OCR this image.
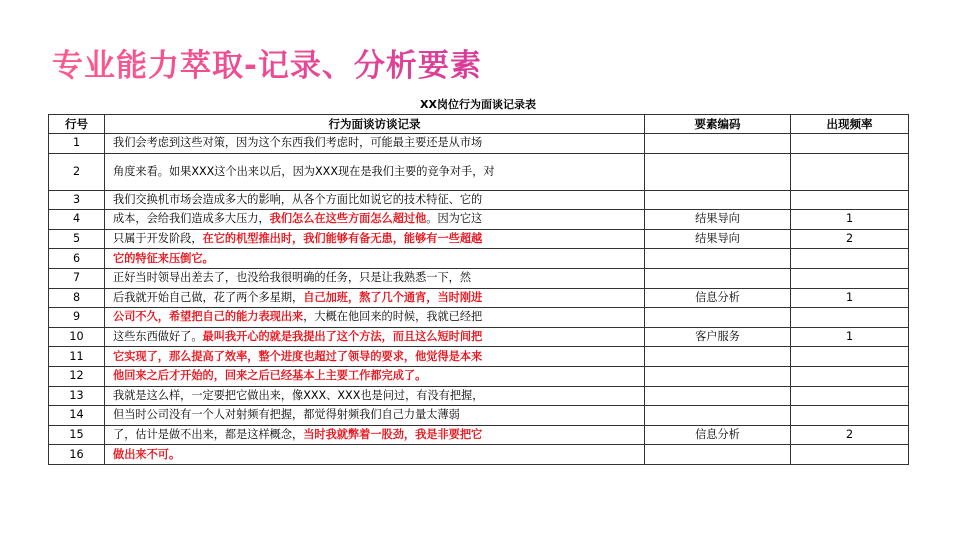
专业能力萃取-记录、分析要素
XX岗位行为面谈记录表
行号	行为面谈访谈记录	要素编码	出现频率
1	我们会考虑到这些对策，因为这个东西我们考虑时，可能最主要还是从市场		
2	角度来看。如果XXX这个出来以后，因为XXX现在是我们主要的竞争对手，对		
3	我们交换机市场会造成多大的影响，从各个方面比如说它的技术特征、它的		
4	成本，会给我们造成多大压力，我们怎么在这些方面怎么超过他。因为它这	结果导向	1
5	只属于开发阶段，在它的机型推出时，我们能够有备无患，能够有一些超越	结果导向	2
6	它的特征来压倒它。		
7	正好当时领导出差去了，也没给我很明确的任务，只是让我熟悉一下，然		
8	后我就开始自己做，花了两个多星期，自己加班，熬了几个通宵，当时刚进	信息分析	1
9	公司不久，希望把自己的能力表现出来，大概在他回来的时候，我就已经把		
10	这些东西做好了。最叫我开心的就是我提出了这个方法，而且这么短时间把	客户服务	1
11	它实现了，那么提高了效率，整个进度也超过了领导的要求，他觉得是本来		
12	他回来之后才开始的，回来之后已经基本上主要工作都完成了。		
13	我就是这么样，一定要把它做出来，像XXX、XXX也是问过，有没有把握，		
14	但当时公司没有一个人对射频有把握，都觉得射频我们自己力量太薄弱		
15	了，估计是做不出来，都是这样概念，当时我就弊着一股劲，我是非要把它	信息分析	2
16	做出来不可。		
